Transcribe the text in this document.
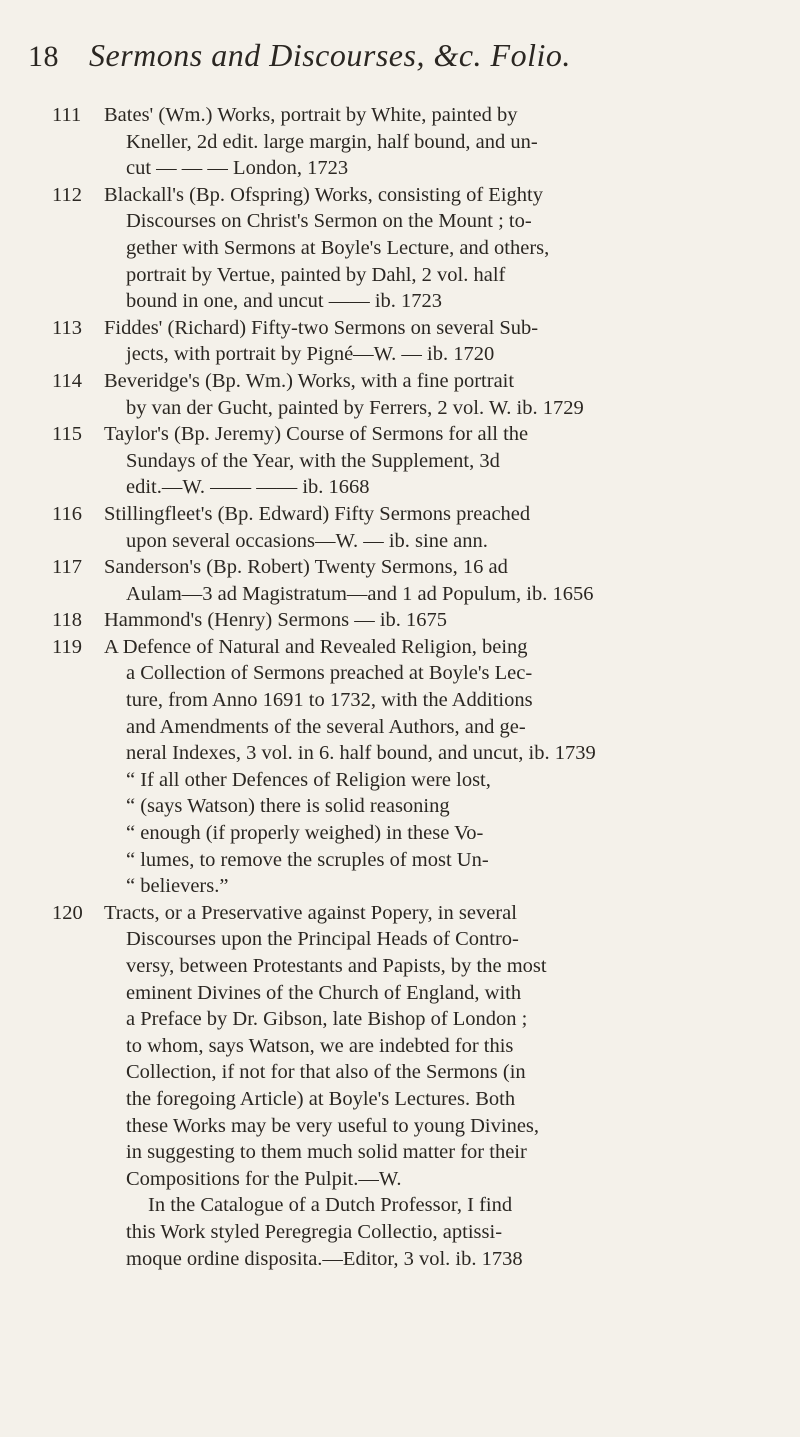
18 Sermons and Discourses, &c. Folio.
111	Bates' (Wm.) Works, portrait by White, painted by
Kneller, 2d edit. large margin, half bound, and un-
cut — — — London, 1723
112	Blackall's (Bp. Ofspring) Works, consisting of Eighty
Discourses on Christ's Sermon on the Mount ; to-
gether with Sermons at Boyle's Lecture, and others,
portrait by Vertue, painted by Dahl, 2 vol. half
bound in one, and uncut —— ib. 1723
113	Fiddes' (Richard) Fifty-two Sermons on several Sub-
jects, with portrait by Pigné—W. — ib. 1720
114	Beveridge's (Bp. Wm.) Works, with a fine portrait
by van der Gucht, painted by Ferrers, 2 vol. W. ib. 1729
115	Taylor's (Bp. Jeremy) Course of Sermons for all the
Sundays of the Year, with the Supplement, 3d
edit.—W. —— —— ib. 1668
116	Stillingfleet's (Bp. Edward) Fifty Sermons preached
upon several occasions—W. — ib. sine ann.
117	Sanderson's (Bp. Robert) Twenty Sermons, 16 ad
Aulam—3 ad Magistratum—and 1 ad Populum, ib. 1656
118	Hammond's (Henry) Sermons — ib. 1675
119	A Defence of Natural and Revealed Religion, being
a Collection of Sermons preached at Boyle's Lec-
ture, from Anno 1691 to 1732, with the Additions
and Amendments of the several Authors, and ge-
neral Indexes, 3 vol. in 6. half bound, and uncut, ib. 1739
“ If all other Defences of Religion were lost,
“ (says Watson) there is solid reasoning
“ enough (if properly weighed) in these Vo-
“ lumes, to remove the scruples of most Un-
“ believers.”
120	Tracts, or a Preservative against Popery, in several
Discourses upon the Principal Heads of Contro-
versy, between Protestants and Papists, by the most
eminent Divines of the Church of England, with
a Preface by Dr. Gibson, late Bishop of London ;
to whom, says Watson, we are indebted for this
Collection, if not for that also of the Sermons (in
the foregoing Article) at Boyle's Lectures. Both
these Works may be very useful to young Divines,
in suggesting to them much solid matter for their
Compositions for the Pulpit.—W.
In the Catalogue of a Dutch Professor, I find
this Work styled Peregregia Collectio, aptissi-
moque ordine disposita.—Editor, 3 vol. ib. 1738
